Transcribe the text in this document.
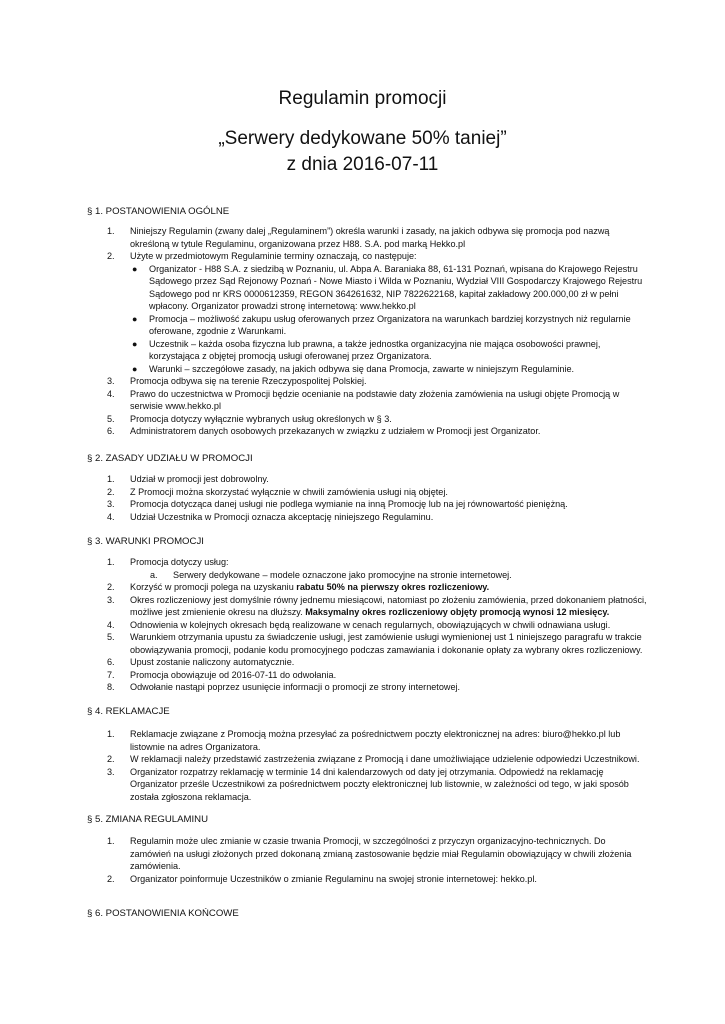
Regulamin promocji
„Serwery dedykowane 50% taniej”
z dnia 2016-07-11
§ 1. POSTANOWIENIA OGÓLNE
1. Niniejszy Regulamin (zwany dalej „Regulaminem”) określa warunki i zasady, na jakich odbywa się promocja pod nazwą określoną w tytule Regulaminu, organizowana przez H88. S.A. pod marką Hekko.pl
2. Użyte w przedmiotowym Regulaminie terminy oznaczają, co następuje:
● Organizator - H88 S.A. z siedzibą w Poznaniu, ul. Abpa A. Baraniaka 88, 61-131 Poznań, wpisana do Krajowego Rejestru Sądowego przez Sąd Rejonowy Poznań - Nowe Miasto i Wilda w Poznaniu, Wydział VIII Gospodarczy Krajowego Rejestru Sądowego pod nr KRS 0000612359, REGON 364261632, NIP 7822622168, kapitał zakładowy 200.000,00 zł w pełni wpłacony. Organizator prowadzi stronę internetową: www.hekko.pl
● Promocja – możliwość zakupu usług oferowanych przez Organizatora na warunkach bardziej korzystnych niż regularnie oferowane, zgodnie z Warunkami.
● Uczestnik – każda osoba fizyczna lub prawna, a także jednostka organizacyjna nie mająca osobowości prawnej, korzystająca z objętej promocją usługi oferowanej przez Organizatora.
● Warunki – szczegółowe zasady, na jakich odbywa się dana Promocja, zawarte w niniejszym Regulaminie.
3. Promocja odbywa się na terenie Rzeczypospolitej Polskiej.
4. Prawo do uczestnictwa w Promocji będzie ocenianie na podstawie daty złożenia zamówienia na usługi objęte Promocją w serwisie www.hekko.pl
5. Promocja dotyczy wyłącznie wybranych usług określonych w § 3.
6. Administratorem danych osobowych przekazanych w związku z udziałem w Promocji jest Organizator.
§ 2. ZASADY UDZIAŁU W PROMOCJI
1. Udział w promocji jest dobrowolny.
2. Z Promocji można skorzystać wyłącznie w chwili zamówienia usługi nią objętej.
3. Promocja dotycząca danej usługi nie podlega wymianie na inną Promocję lub na jej równowartość pieniężną.
4. Udział Uczestnika w Promocji oznacza akceptację niniejszego Regulaminu.
§ 3. WARUNKI PROMOCJI
1. Promocja dotyczy usług:
a. Serwery dedykowane – modele oznaczone jako promocyjne na stronie internetowej.
2. Korzyść w promocji polega na uzyskaniu rabatu 50% na pierwszy okres rozliczeniowy.
3. Okres rozliczeniowy jest domyślnie równy jednemu miesiącowi, natomiast po złożeniu zamówienia, przed dokonaniem płatności, możliwe jest zmienienie okresu na dłuższy. Maksymalny okres rozliczeniowy objęty promocją wynosi 12 miesięcy.
4. Odnowienia w kolejnych okresach będą realizowane w cenach regularnych, obowiązujących w chwili odnawiana usługi.
5. Warunkiem otrzymania upustu za świadczenie usługi, jest zamówienie usługi wymienionej ust 1 niniejszego paragrafu w trakcie obowiązywania promocji, podanie kodu promocyjnego podczas zamawiania i dokonanie opłaty za wybrany okres rozliczeniowy.
6. Upust zostanie naliczony automatycznie.
7. Promocja obowiązuje od 2016-07-11 do odwołania.
8. Odwołanie nastąpi poprzez usunięcie informacji o promocji ze strony internetowej.
§ 4. REKLAMACJE
1. Reklamacje związane z Promocją można przesyłać za pośrednictwem poczty elektronicznej na adres: biuro@hekko.pl lub listownie na adres Organizatora.
2. W reklamacji należy przedstawić zastrzeżenia związane z Promocją i dane umożliwiające udzielenie odpowiedzi Uczestnikowi.
3. Organizator rozpatrzy reklamację w terminie 14 dni kalendarzowych od daty jej otrzymania. Odpowiedź na reklamację Organizator prześle Uczestnikowi za pośrednictwem poczty elektronicznej lub listownie, w zależności od tego, w jaki sposób została zgłoszona reklamacja.
§ 5. ZMIANA REGULAMINU
1. Regulamin może ulec zmianie w czasie trwania Promocji, w szczególności z przyczyn organizacyjno-technicznych. Do zamówień na usługi złożonych przed dokonaną zmianą zastosowanie będzie miał Regulamin obowiązujący w chwili złożenia zamówienia.
2. Organizator poinformuje Uczestników o zmianie Regulaminu na swojej stronie internetowej: hekko.pl.
§ 6. POSTANOWIENIA KOŃCOWE
